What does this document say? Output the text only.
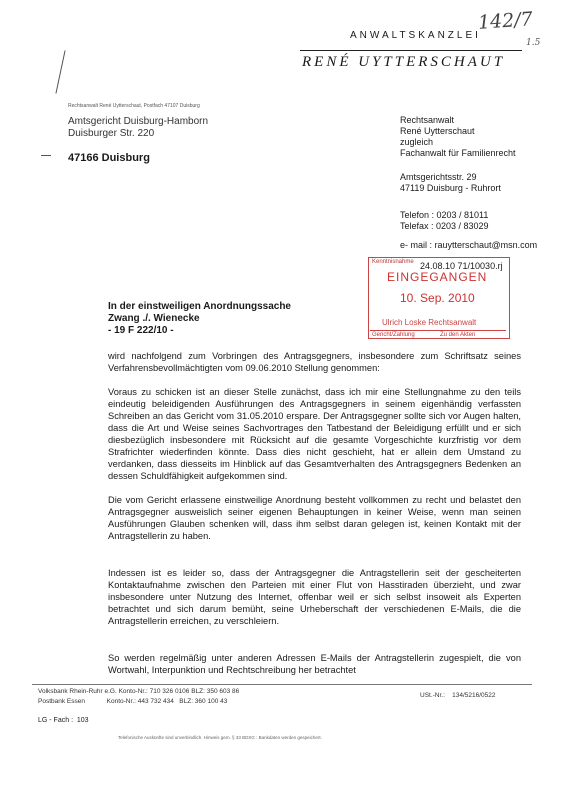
ANWALTSKANZLEI
142/7
1.5
RENÉ UYTTERSCHAUT
Rechtsanwalt René Uytterschaut, Postfach 47107 Duisburg
Amtsgericht Duisburg-Hamborn
Duisburger Str. 220
47166 Duisburg
Rechtsanwalt
René Uytterschaut
zugleich
Fachanwalt für Familienrecht
Amtsgerichtsstr. 29
47119 Duisburg - Ruhrort
Telefon : 0203 / 81011
Telefax : 0203 / 83029
e- mail : rauytterschaut@msn.com
Kenntnisnahme 24.08.10 71/10030.rj
EINGEGANGEN
10. Sep. 2010
Ulrich Loske Rechtsanwalt
Gericht/Zahlung	Zu den Akten
In der einstweiligen Anordnungssache
Zwang ./. Wienecke
- 19 F 222/10 -
wird nachfolgend zum Vorbringen des Antragsgegners, insbesondere zum Schriftsatz seines Verfahrensbevollmächtigten vom 09.06.2010 Stellung genommen:
Voraus zu schicken ist an dieser Stelle zunächst, dass ich mir eine Stellungnahme zu den teils eindeutig beleidigenden Ausführungen des Antragsgegners in seinem eigenhändig verfassten Schreiben an das Gericht vom 31.05.2010 erspare. Der Antragsgegner sollte sich vor Augen halten, dass die Art und Weise seines Sachvortrages den Tatbestand der Beleidigung erfüllt und er sich diesbezüglich insbesondere mit Rücksicht auf die gesamte Vorgeschichte kurzfristig vor dem Strafrichter wiederfinden könnte. Dass dies nicht geschieht, hat er allein dem Umstand zu verdanken, dass diesseits im Hinblick auf das Gesamtverhalten des Antragsgegners Bedenken an dessen Schuldfähigkeit aufgekommen sind.
Die vom Gericht erlassene einstweilige Anordnung besteht vollkommen zu recht und belastet den Antragsgegner ausweislich seiner eigenen Behauptungen in keiner Weise, wenn man seinen Ausführungen Glauben schenken will, dass ihm selbst daran gelegen ist, keinen Kontakt mit der Antragstellerin zu haben.
Indessen ist es leider so, dass der Antragsgegner die Antragstellerin seit der gescheiterten Kontaktaufnahme zwischen den Parteien mit einer Flut von Hasstiraden überzieht, und zwar insbesondere unter Nutzung des Internet, offenbar weil er sich selbst insoweit als Experten betrachtet und sich darum bemüht, seine Urheberschaft der verschiedenen E-Mails, die die Antragstellerin erreichen, zu verschleiern.
So werden regelmäßig unter anderen Adressen E-Mails der Antragstellerin zugespielt, die von Wortwahl, Interpunktion und Rechtschreibung her betrachtet
Volksbank Rhein-Ruhr e.G. Konto-Nr.: 710 326 0106 BLZ: 350 603 86
Postbank Essen            Konto-Nr.: 443 732 434   BLZ: 360 100 43
USt.-Nr.:    134/5216/0522
LG - Fach :  103
Telefonische Auskünfte sind unverbindlich. Hinweis gem. § 33 BDSG : Bankdaten werden gespeichert.
